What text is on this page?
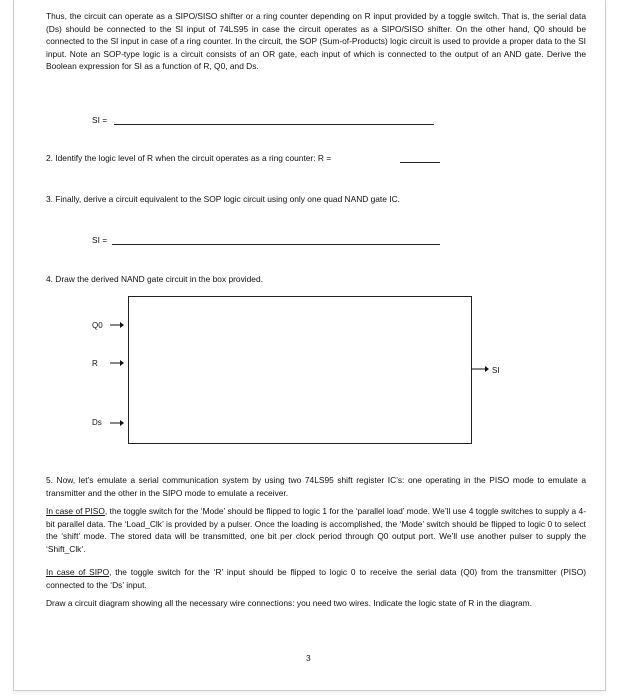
Thus, the circuit can operate as a SIPO/SISO shifter or a ring counter depending on R input provided by a toggle switch. That is, the serial data (Ds) should be connected to the SI input of 74LS95 in case the circuit operates as a SIPO/SISO shifter. On the other hand, Q0 should be connected to the SI input in case of a ring counter. In the circuit, the SOP (Sum-of-Products) logic circuit is used to provide a proper data to the SI input. Note an SOP-type logic is a circuit consists of an OR gate, each input of which is connected to the output of an AND gate. Derive the Boolean expression for SI as a function of R, Q0, and Ds.
SI =
2. Identify the logic level of R when the circuit operates as a ring counter: R =
3. Finally, derive a circuit equivalent to the SOP logic circuit using only one quad NAND gate IC.
SI =
4. Draw the derived NAND gate circuit in the box provided.
Q0
R
Ds
SI
5. Now, let’s emulate a serial communication system by using two 74LS95 shift register IC’s: one operating in the PISO mode to emulate a transmitter and the other in the SIPO mode to emulate a receiver.
In case of PISO, the toggle switch for the ‘Mode’ should be flipped to logic 1 for the ‘parallel load’ mode. We’ll use 4 toggle switches to supply a 4-bit parallel data. The ‘Load_Clk’ is provided by a pulser. Once the loading is accomplished, the ‘Mode’ switch should be flipped to logic 0 to select the ‘shift’ mode. The stored data will be transmitted, one bit per clock period through Q0 output port. We’ll use another pulser to supply the ‘Shift_Clk’.
In case of SIPO, the toggle switch for the ‘R’ input should be flipped to logic 0 to receive the serial data (Q0) from the transmitter (PISO) connected to the ‘Ds’ input.
Draw a circuit diagram showing all the necessary wire connections: you need two wires. Indicate the logic state of R in the diagram.
3
